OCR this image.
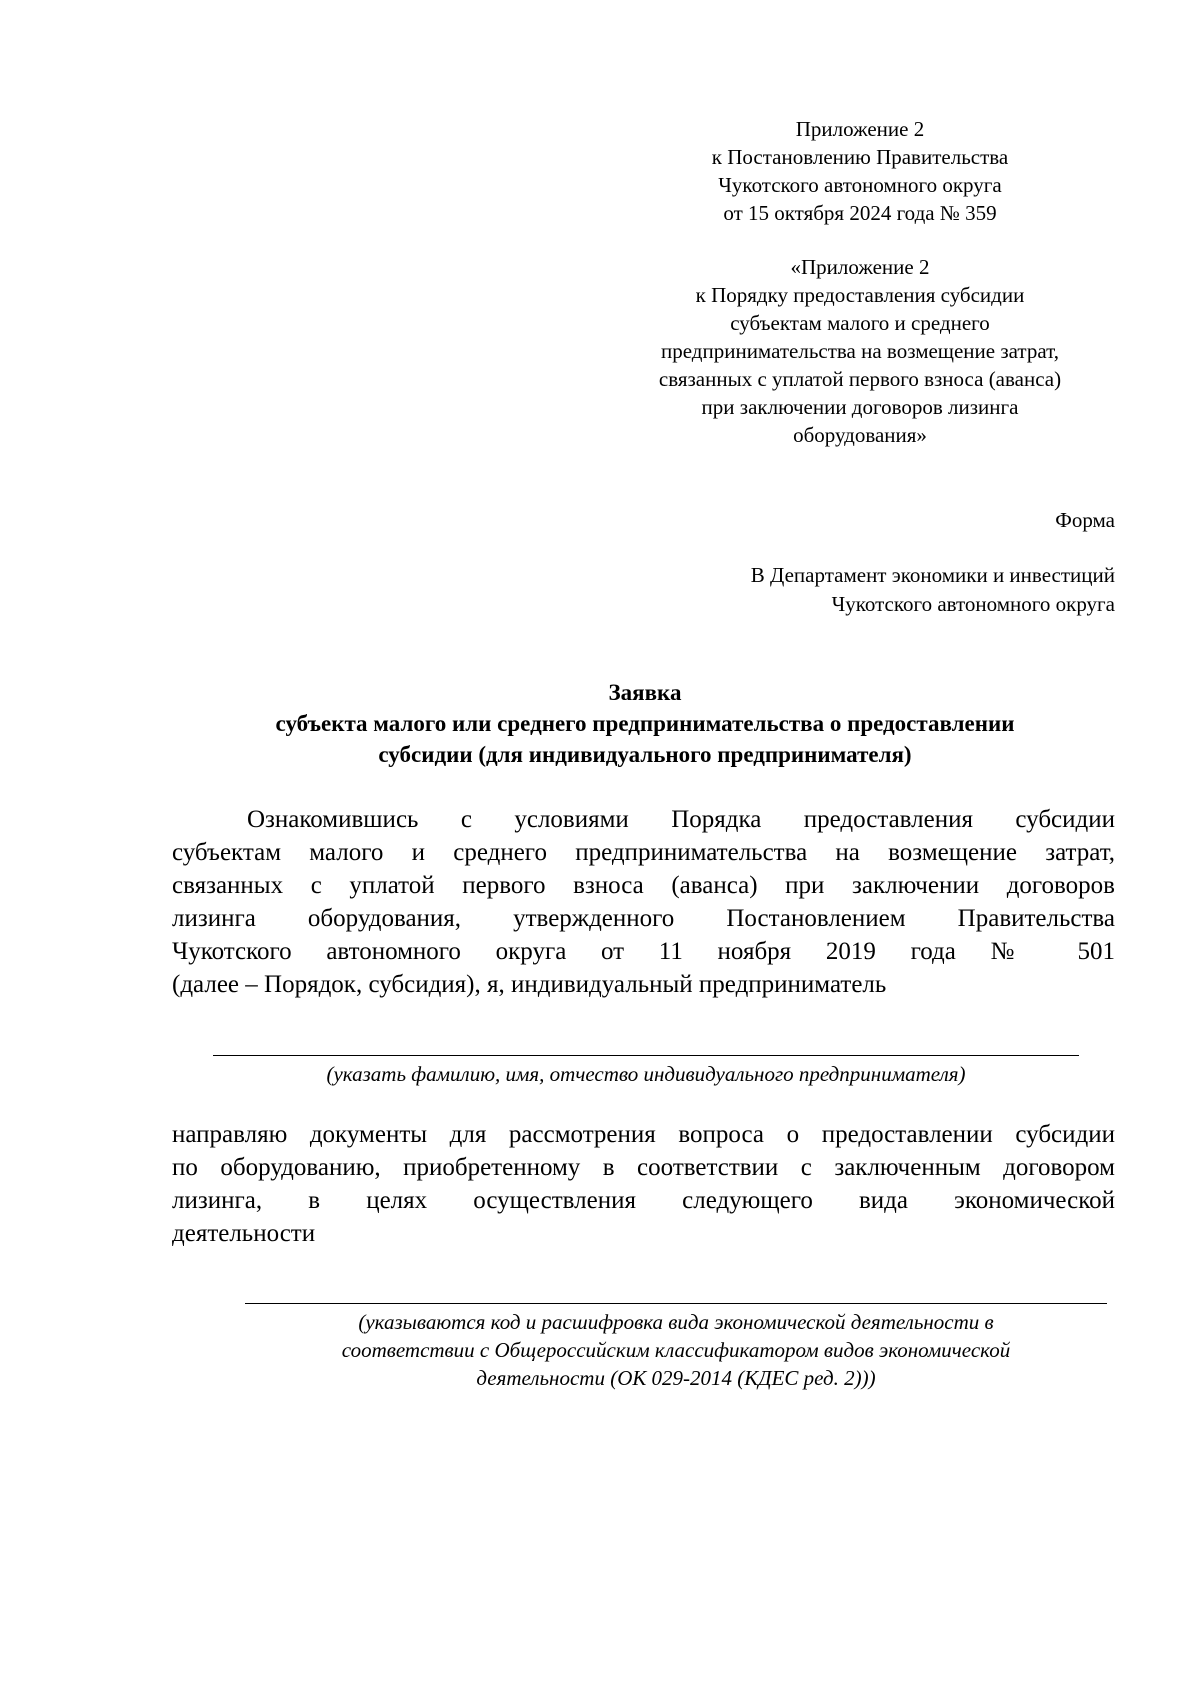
Приложение 2
к Постановлению Правительства
Чукотского автономного округа
от 15 октября 2024 года № 359
«Приложение 2
к Порядку предоставления субсидии
субъектам малого и среднего
предпринимательства на возмещение затрат,
связанных с уплатой первого взноса (аванса)
при заключении договоров лизинга
оборудования»
Форма
В Департамент экономики и инвестиций
Чукотского автономного округа
Заявка
субъекта малого или среднего предпринимательства о предоставлении
субсидии (для индивидуального предпринимателя)
Ознакомившись с условиями Порядка предоставления субсидии
субъектам малого и среднего предпринимательства на возмещение затрат,
связанных с уплатой первого взноса (аванса) при заключении договоров
лизинга оборудования, утвержденного Постановлением Правительства
Чукотского автономного округа от 11 ноября 2019 года № 501
(далее – Порядок, субсидия), я, индивидуальный предприниматель
(указать фамилию, имя, отчество индивидуального предпринимателя)
направляю документы для рассмотрения вопроса о предоставлении субсидии
по оборудованию, приобретенному в соответствии с заключенным договором
лизинга, в целях осуществления следующего вида экономической
деятельности
(указываются код и расшифровка вида экономической деятельности в
соответствии с Общероссийским классификатором видов экономической
деятельности (ОК 029-2014 (КДЕС ред. 2)))
